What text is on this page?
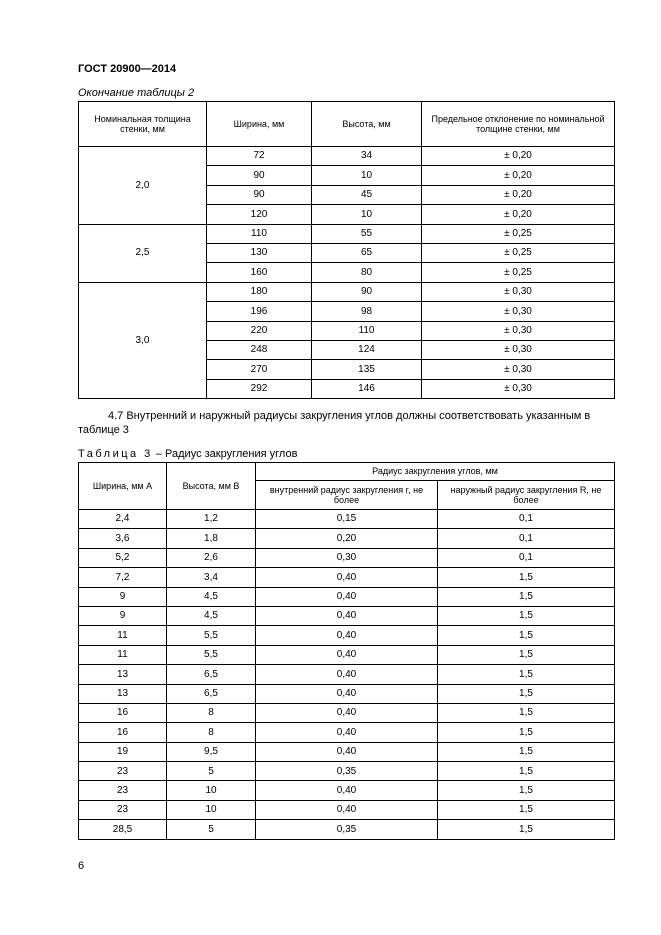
ГОСТ 20900—2014
Окончание таблицы 2
Номинальная толщина стенки, мм	Ширина, мм	Высота, мм	Предельное отклонение по номинальной толщине стенки, мм
2,0	72	34	± 0,20
	90	10	± 0,20
	90	45	± 0,20
	120	10	± 0,20
2,5	110	55	± 0,25
	130	65	± 0,25
	160	80	± 0,25
3,0	180	90	± 0,30
	196	98	± 0,30
	220	110	± 0,30
	248	124	± 0,30
	270	135	± 0,30
	292	146	± 0,30
4.7 Внутренний и наружный радиусы закругления углов должны соответствовать указанным в таблице 3
Таблица 3 – Радиус закругления углов
Ширина, мм А	Высота, мм В	Радиус закругления углов, мм	
		внутренний радиус закругления r, не более	наружный радиус закругления R, не более
2,4	1,2	0,15	0,1
3,6	1,8	0,20	0,1
5,2	2,6	0,30	0,1
7,2	3,4	0,40	1,5
9	4,5	0,40	1,5
9	4,5	0,40	1,5
11	5,5	0,40	1,5
11	5,5	0,40	1,5
13	6,5	0,40	1,5
13	6,5	0,40	1,5
16	8	0,40	1,5
16	8	0,40	1,5
19	9,5	0,40	1,5
23	5	0,35	1,5
23	10	0,40	1,5
23	10	0,40	1,5
28,5	5	0,35	1,5
6
